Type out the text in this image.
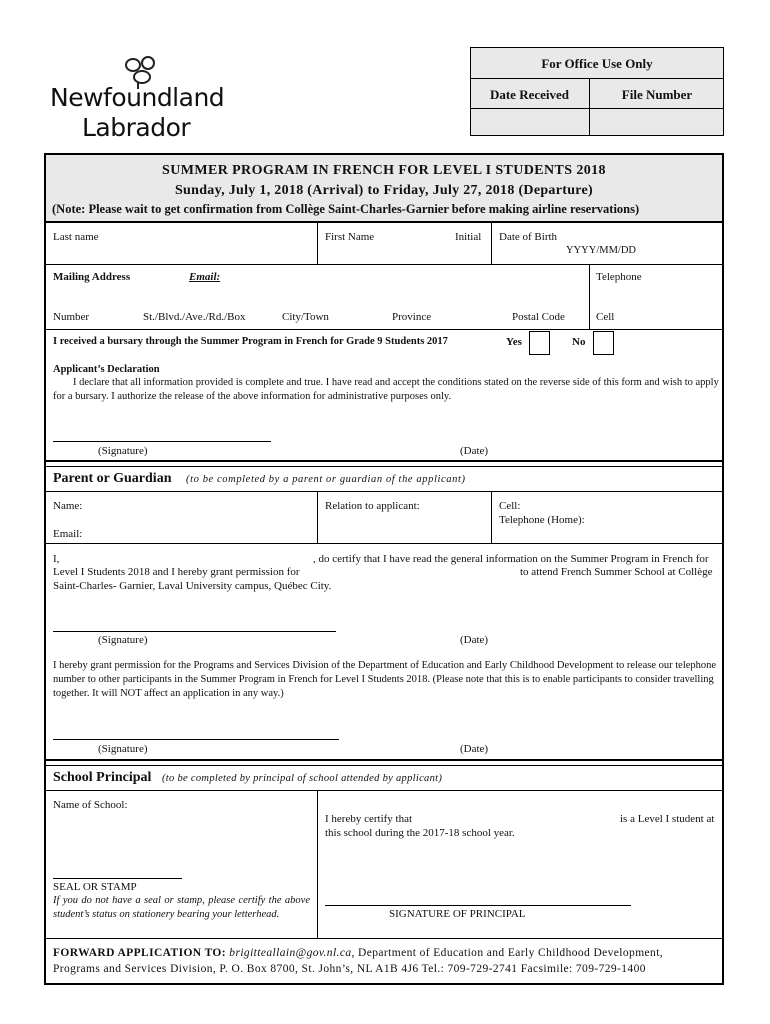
Newfoundland
Labrador
For Office Use Only
Date Received	File Number
SUMMER PROGRAM IN FRENCH FOR LEVEL I STUDENTS 2018
Sunday, July 1, 2018 (Arrival) to Friday, July 27, 2018 (Departure)
(Note: Please wait to get confirmation from Collège Saint-Charles-Garnier before making airline reservations)
Last name	First Name	Initial Date of Birth
YYYY/MM/DD
Mailing Address	Email:	Telephone
Number	St./Blvd./Ave./Rd./Box	City/Town	Province	Postal Code	Cell
I received a bursary through the Summer Program in French for Grade 9 Students 2017	Yes	No
Applicant’s Declaration
I declare that all information provided is complete and true. I have read and accept the conditions stated on the reverse side of this form and wish to apply for a bursary. I authorize the release of the above information for administrative purposes only.
(Signature)	(Date)
Parent or Guardian (to be completed by a parent or guardian of the applicant)
Name:	Relation to applicant:	Cell:
Telephone (Home):
Email:
I,	, do certify that I have read the general information on the Summer Program in French for
Level I Students 2018 and I hereby grant permission for	to attend French Summer School at Collège
Saint-Charles- Garnier, Laval University campus, Québec City.
(Signature)	(Date)
I hereby grant permission for the Programs and Services Division of the Department of Education and Early Childhood Development to release our telephone number to other participants in the Summer Program in French for Level I Students 2018. (Please note that this is to enable participants to consider travelling together. It will NOT affect an application in any way.)
(Signature)	(Date)
School Principal (to be completed by principal of school attended by applicant)
Name of School:
I hereby certify that	is a Level I student at
this school during the 2017-18 school year.
SEAL OR STAMP
If you do not have a seal or stamp, please certify the above student’s status on stationery bearing your letterhead.	SIGNATURE OF PRINCIPAL
FORWARD APPLICATION TO: brigitteallain@gov.nl.ca, Department of Education and Early Childhood Development,
Programs and Services Division, P. O. Box 8700, St. John’s, NL A1B 4J6 Tel.: 709-729-2741 Facsimile: 709-729-1400
